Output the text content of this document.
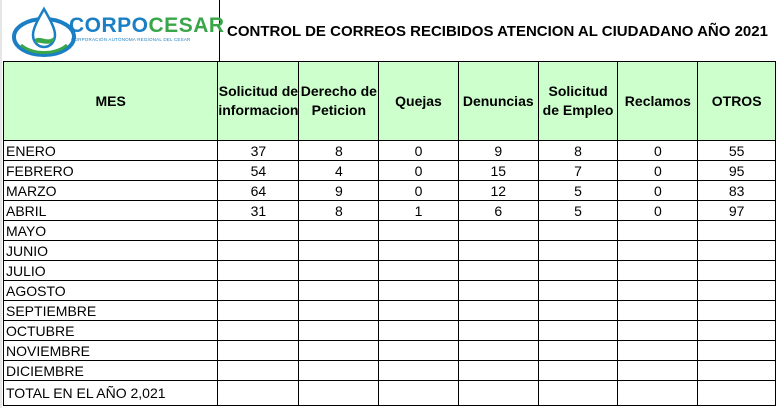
CORPOCESAR
CORPORACIÓN AUTÓNOMA REGIONAL DEL CESAR	CONTROL DE CORREOS RECIBIDOS ATENCION AL CIUDADANO AÑO 2021
MES	Solicitud de informacion	Derecho de Peticion	Quejas	Denuncias	Solicitud de Empleo	Reclamos	OTROS
ENERO	37	8	0	9	8	0	55
FEBRERO	54	4	0	15	7	0	95
MARZO	64	9	0	12	5	0	83
ABRIL	31	8	1	6	5	0	97
MAYO							
JUNIO							
JULIO							
AGOSTO							
SEPTIEMBRE							
OCTUBRE							
NOVIEMBRE							
DICIEMBRE							
TOTAL EN EL AÑO 2,021							
